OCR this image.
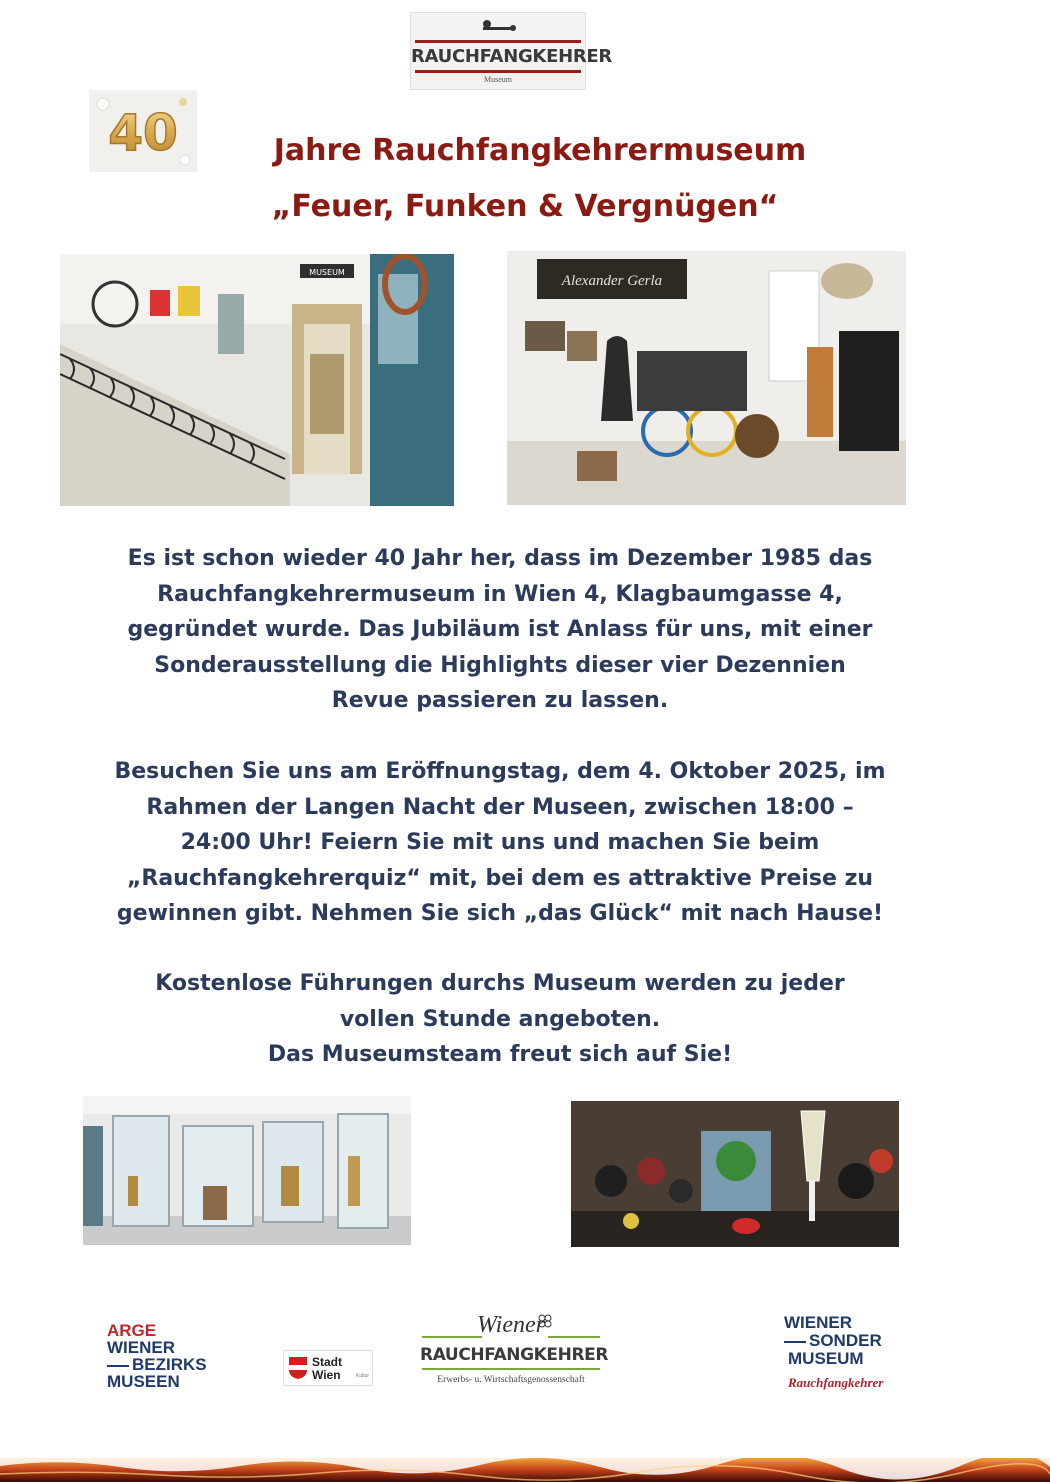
RAUCHFANGKEHRER
Museum
40	Jahre Rauchfangkehrermuseum
„Feuer, Funken & Vergnügen“
MUSEUM
Alexander Gerla
Es ist schon wieder 40 Jahr her, dass im Dezember 1985 das
Rauchfangkehrermuseum in Wien 4, Klagbaumgasse 4,
gegründet wurde. Das Jubiläum ist Anlass für uns, mit einer
Sonderausstellung die Highlights dieser vier Dezennien
Revue passieren zu lassen.
Besuchen Sie uns am Eröffnungstag, dem 4. Oktober 2025, im
Rahmen der Langen Nacht der Museen, zwischen 18:00 –
24:00 Uhr! Feiern Sie mit uns und machen Sie beim
„Rauchfangkehrerquiz“ mit, bei dem es attraktive Preise zu
gewinnen gibt. Nehmen Sie sich „das Glück“ mit nach Hause!
Kostenlose Führungen durchs Museum werden zu jeder
vollen Stunde angeboten.
Das Museumsteam freut sich auf Sie!
ARGE
WIENER
BEZIRKS
MUSEEN
Stadt
Wien	Kultur
Wiener
RAUCHFANGKEHRER
Erwerbs- u. Wirtschaftsgenossenschaft
WIENER
SONDER
MUSEUM
Rauchfangkehrer
